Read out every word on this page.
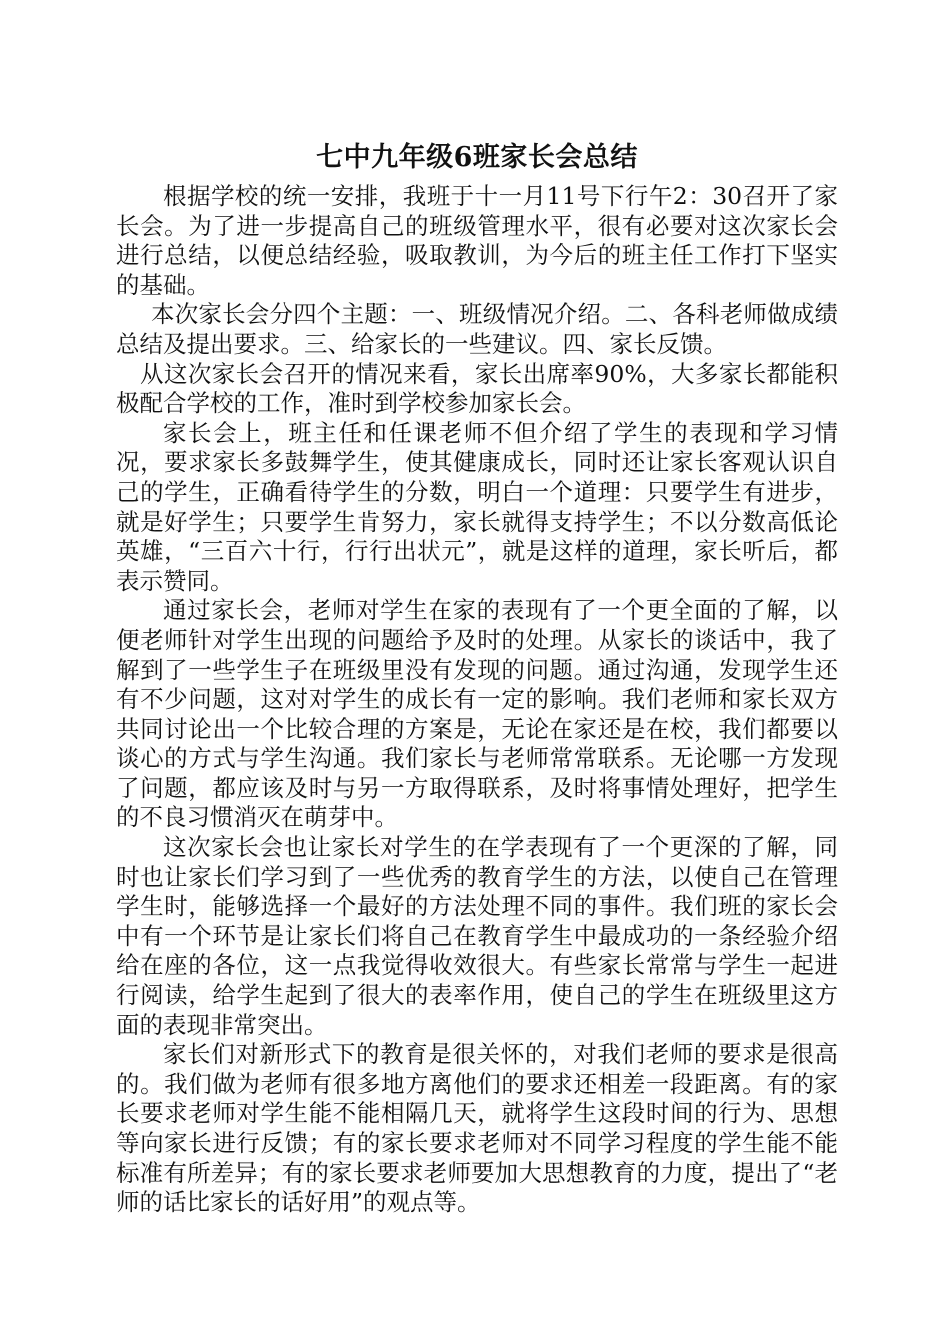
七中九年级6班家长会总结

根据学校的统一安排，我班于十一月11号下行午2：30召开了家长会。为了进一步提高自己的班级管理水平，很有必要对这次家长会进行总结，以便总结经验，吸取教训，为今后的班主任工作打下坚实的基础。

本次家长会分四个主题：一、班级情况介绍。二、各科老师做成绩总结及提出要求。三、给家长的一些建议。四、家长反馈。

从这次家长会召开的情况来看，家长出席率90%，大多家长都能积极配合学校的工作，准时到学校参加家长会。

家长会上，班主任和任课老师不但介绍了学生的表现和学习情况，要求家长多鼓舞学生，使其健康成长，同时还让家长客观认识自己的学生，正确看待学生的分数，明白一个道理：只要学生有进步，就是好学生；只要学生肯努力，家长就得支持学生；不以分数高低论英雄，“三百六十行，行行出状元”，就是这样的道理，家长听后，都表示赞同。

通过家长会，老师对学生在家的表现有了一个更全面的了解，以便老师针对学生出现的问题给予及时的处理。从家长的谈话中，我了解到了一些学生子在班级里没有发现的问题。通过沟通，发现学生还有不少问题，这对对学生的成长有一定的影响。我们老师和家长双方共同讨论出一个比较合理的方案是，无论在家还是在校，我们都要以谈心的方式与学生沟通。我们家长与老师常常联系。无论哪一方发现了问题，都应该及时与另一方取得联系，及时将事情处理好，把学生的不良习惯消灭在萌芽中。

这次家长会也让家长对学生的在学表现有了一个更深的了解，同时也让家长们学习到了一些优秀的教育学生的方法，以使自己在管理学生时，能够选择一个最好的方法处理不同的事件。我们班的家长会中有一个环节是让家长们将自己在教育学生中最成功的一条经验介绍给在座的各位，这一点我觉得收效很大。有些家长常常与学生一起进行阅读，给学生起到了很大的表率作用，使自己的学生在班级里这方面的表现非常突出。

家长们对新形式下的教育是很关怀的，对我们老师的要求是很高的。我们做为老师有很多地方离他们的要求还相差一段距离。有的家长要求老师对学生能不能相隔几天，就将学生这段时间的行为、思想等向家长进行反馈；有的家长要求老师对不同学习程度的学生能不能标准有所差异；有的家长要求老师要加大思想教育的力度，提出了“老师的话比家长的话好用”的观点等。
